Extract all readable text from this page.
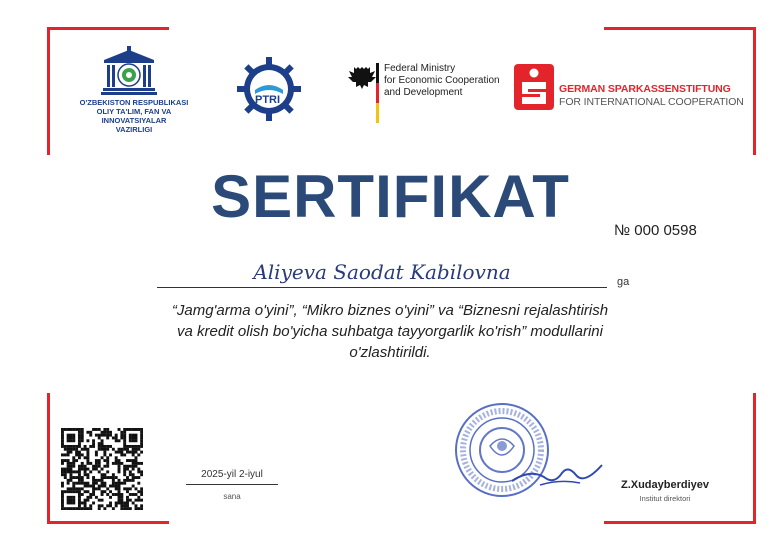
O'ZBEKISTON RESPUBLIKASI
OLIY TA'LIM, FAN VA INNOVATSIYALAR
VAZIRLIGI
PTRI
Federal Ministry
for Economic Cooperation
and Development	GERMAN SPARKASSENSTIFTUNG
FOR INTERNATIONAL COOPERATION
SERTIFIKAT
№ 000 0598
Aliyeva Saodat Kabilovna	ga
“Jamg'arma o'yini”, “Mikro biznes o'yini” va “Biznesni rejalashtirish
va kredit olish bo'yicha suhbatga tayyorgarlik ko'rish” modullarini
o'zlashtirildi.
2025-yil 2-iyul
sana
Z.Xudayberdiyev
Institut direktori
